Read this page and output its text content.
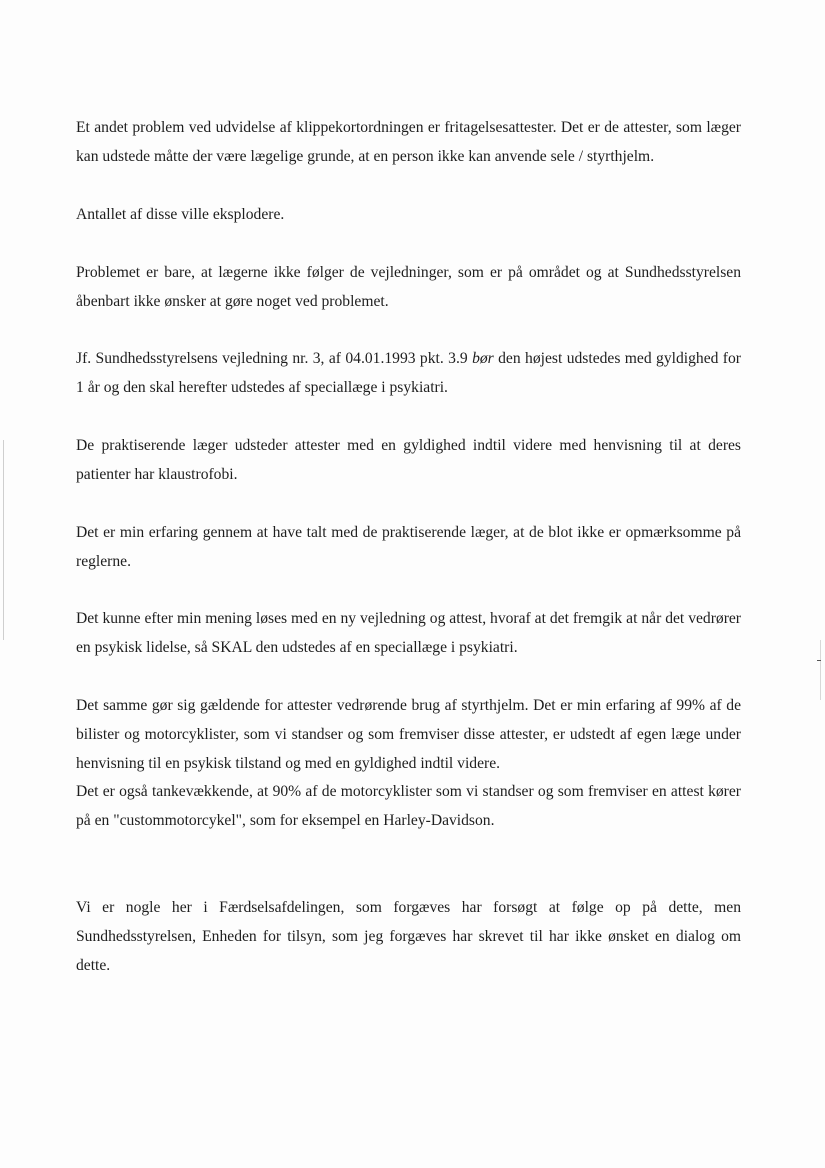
Et andet problem ved udvidelse af klippekortordningen er fritagelsesattester. Det er de attester, som læger kan udstede måtte der være lægelige grunde, at en person ikke kan anvende sele / styrthjelm.

Antallet af disse ville eksplodere.

Problemet er bare, at lægerne ikke følger de vejledninger, som er på området og at Sundhedsstyrelsen åbenbart ikke ønsker at gøre noget ved problemet.

Jf. Sundhedsstyrelsens vejledning nr. 3, af 04.01.1993 pkt. 3.9 bør den højest udstedes med gyldighed for 1 år og den skal herefter udstedes af speciallæge i psykiatri.

De praktiserende læger udsteder attester med en gyldighed indtil videre med henvisning til at deres patienter har klaustrofobi.

Det er min erfaring gennem at have talt med de praktiserende læger, at de blot ikke er opmærksomme på reglerne.

Det kunne efter min mening løses med en ny vejledning og attest, hvoraf at det fremgik at når det vedrører en psykisk lidelse, så SKAL den udstedes af en speciallæge i psykiatri.

Det samme gør sig gældende for attester vedrørende brug af styrthjelm. Det er min erfaring af 99% af de bilister og motorcyklister, som vi standser og som fremviser disse attester, er udstedt af egen læge under henvisning til en psykisk tilstand og med en gyldighed indtil videre.

Det er også tankevækkende, at 90% af de motorcyklister som vi standser og som fremviser en attest kører på en "custommotorcykel", som for eksempel en Harley-Davidson.

Vi er nogle her i Færdselsafdelingen, som forgæves har forsøgt at følge op på dette, men Sundhedsstyrelsen, Enheden for tilsyn, som jeg forgæves har skrevet til har ikke ønsket en dialog om dette.
